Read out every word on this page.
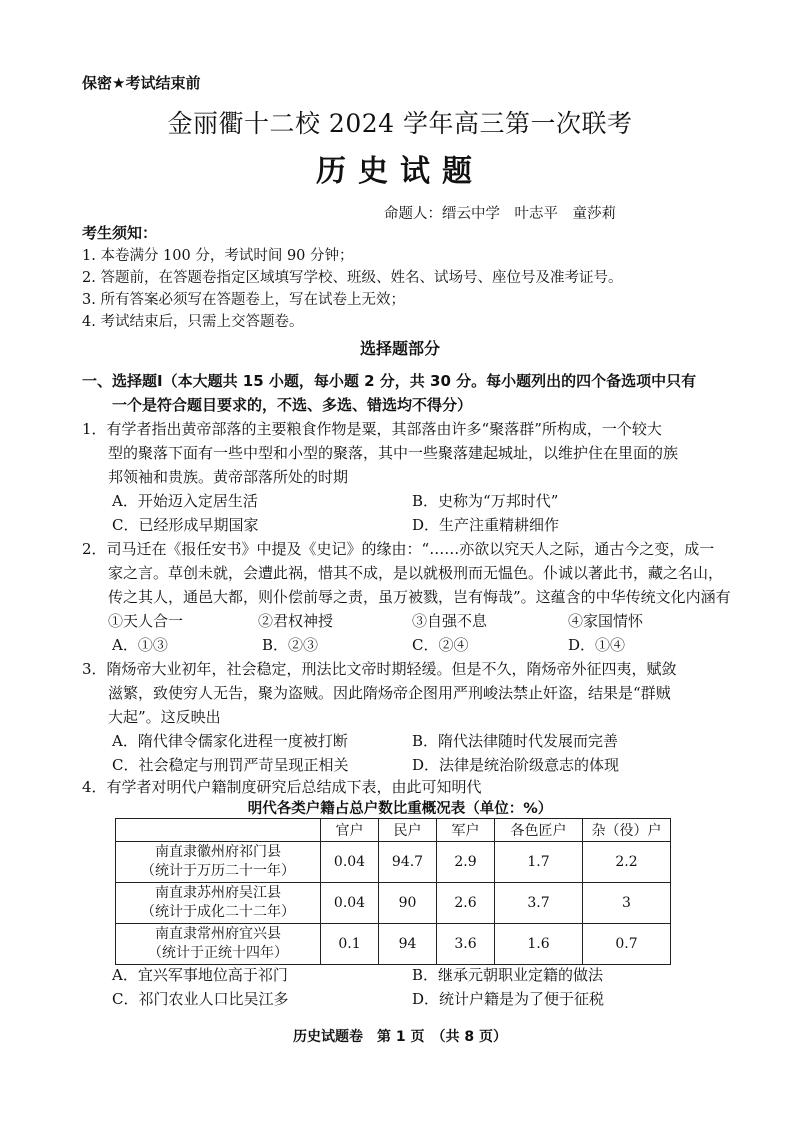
保密★考试结束前
金丽衢十二校 2024 学年高三第一次联考
历史试题
命题人：缙云中学　叶志平　童莎莉
考生须知：
1. 本卷满分 100 分，考试时间 90 分钟；
2. 答题前，在答题卷指定区域填写学校、班级、姓名、试场号、座位号及准考证号。
3. 所有答案必须写在答题卷上，写在试卷上无效；
4. 考试结束后，只需上交答题卷。
选择题部分
一、选择题Ⅰ（本大题共 15 小题，每小题 2 分，共 30 分。每小题列出的四个备选项中只有
一个是符合题目要求的，不选、多选、错选均不得分）
1．有学者指出黄帝部落的主要粮食作物是粟，其部落由许多“聚落群”所构成，一个较大
型的聚落下面有一些中型和小型的聚落，其中一些聚落建起城址，以维护住在里面的族
邦领袖和贵族。黄帝部落所处的时期
A．开始迈入定居生活	B．史称为“万邦时代”
C．已经形成早期国家	D．生产注重精耕细作
2．司马迁在《报任安书》中提及《史记》的缘由：“……亦欲以究天人之际，通古今之变，成一
家之言。草创未就，会遭此祸，惜其不成，是以就极刑而无愠色。仆诚以著此书，藏之名山，
传之其人，通邑大都，则仆偿前辱之责，虽万被戮，岂有悔哉”。这蕴含的中华传统文化内涵有
①天人合一	②君权神授	③自强不息	④家国情怀
A．①③	B．②③	C．②④	D．①④
3．隋炀帝大业初年，社会稳定，刑法比文帝时期轻缓。但是不久，隋炀帝外征四夷，赋敛
滋繁，致使穷人无告，聚为盗贼。因此隋炀帝企图用严刑峻法禁止奸盗，结果是“群贼
大起”。这反映出
A．隋代律令儒家化进程一度被打断	B．隋代法律随时代发展而完善
C．社会稳定与刑罚严苛呈现正相关	D．法律是统治阶级意志的体现
4．有学者对明代户籍制度研究后总结成下表，由此可知明代
明代各类户籍占总户数比重概况表（单位：%）
	官户	民户	军户	各色匠户	杂（役）户

南直隶徽州府祁门县
（统计于万历二十一年）	0.04	94.7	2.9	1.7	2.2

南直隶苏州府吴江县
（统计于成化二十二年）	0.04	90	2.6	3.7	3

南直隶常州府宜兴县
（统计于正统十四年）	0.1	94	3.6	1.6	0.7
A．宜兴军事地位高于祁门	B．继承元朝职业定籍的做法
C．祁门农业人口比吴江多	D．统计户籍是为了便于征税
历史试题卷　第 1 页　（共 8 页）
